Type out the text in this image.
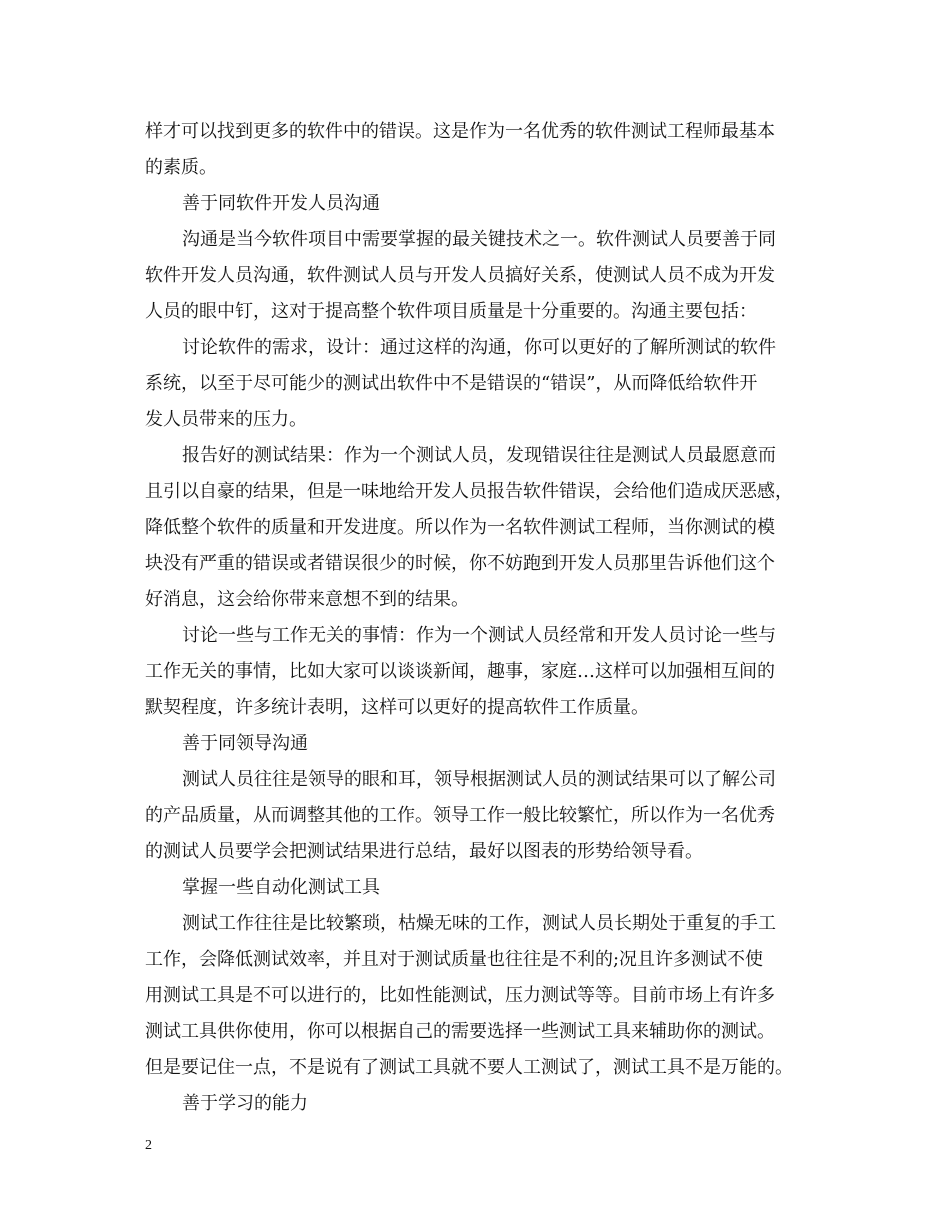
样才可以找到更多的软件中的错误。这是作为一名优秀的软件测试工程师最基本
的素质。
善于同软件开发人员沟通
沟通是当今软件项目中需要掌握的最关键技术之一。软件测试人员要善于同
软件开发人员沟通，软件测试人员与开发人员搞好关系，使测试人员不成为开发
人员的眼中钉，这对于提高整个软件项目质量是十分重要的。沟通主要包括：
讨论软件的需求，设计：通过这样的沟通，你可以更好的了解所测试的软件
系统，以至于尽可能少的测试出软件中不是错误的“错误”，从而降低给软件开
发人员带来的压力。
报告好的测试结果：作为一个测试人员，发现错误往往是测试人员最愿意而
且引以自豪的结果，但是一味地给开发人员报告软件错误，会给他们造成厌恶感，
降低整个软件的质量和开发进度。所以作为一名软件测试工程师，当你测试的模
块没有严重的错误或者错误很少的时候，你不妨跑到开发人员那里告诉他们这个
好消息，这会给你带来意想不到的结果。
讨论一些与工作无关的事情：作为一个测试人员经常和开发人员讨论一些与
工作无关的事情，比如大家可以谈谈新闻，趣事，家庭…这样可以加强相互间的
默契程度，许多统计表明，这样可以更好的提高软件工作质量。
善于同领导沟通
测试人员往往是领导的眼和耳，领导根据测试人员的测试结果可以了解公司
的产品质量，从而调整其他的工作。领导工作一般比较繁忙，所以作为一名优秀
的测试人员要学会把测试结果进行总结，最好以图表的形势给领导看。
掌握一些自动化测试工具
测试工作往往是比较繁琐，枯燥无味的工作，测试人员长期处于重复的手工
工作，会降低测试效率，并且对于测试质量也往往是不利的;况且许多测试不使
用测试工具是不可以进行的，比如性能测试，压力测试等等。目前市场上有许多
测试工具供你使用，你可以根据自己的需要选择一些测试工具来辅助你的测试。
但是要记住一点，不是说有了测试工具就不要人工测试了，测试工具不是万能的。
善于学习的能力
2
